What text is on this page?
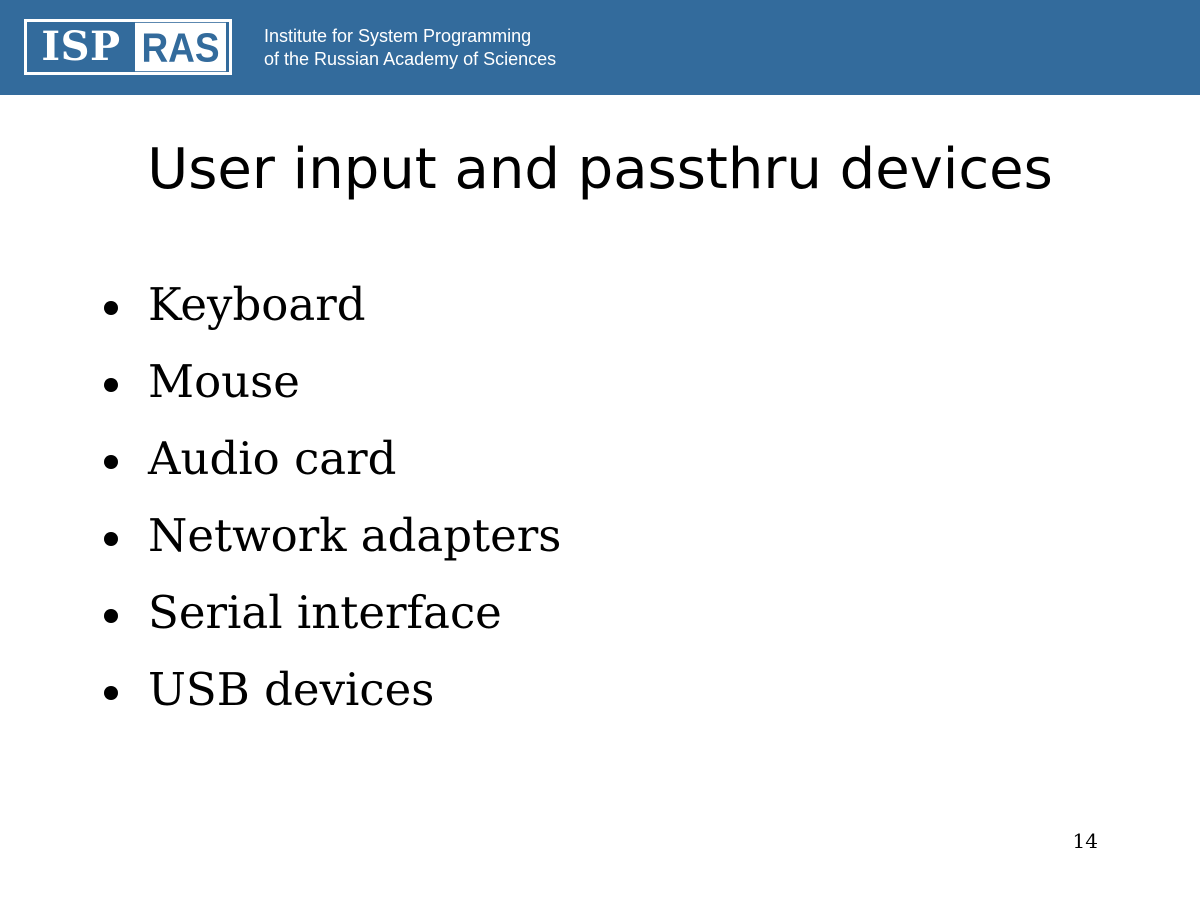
ISP RAS	Institute for System Programming
of the Russian Academy of Sciences
User input and passthru devices
Keyboard
Mouse
Audio card
Network adapters
Serial interface
USB devices
14
